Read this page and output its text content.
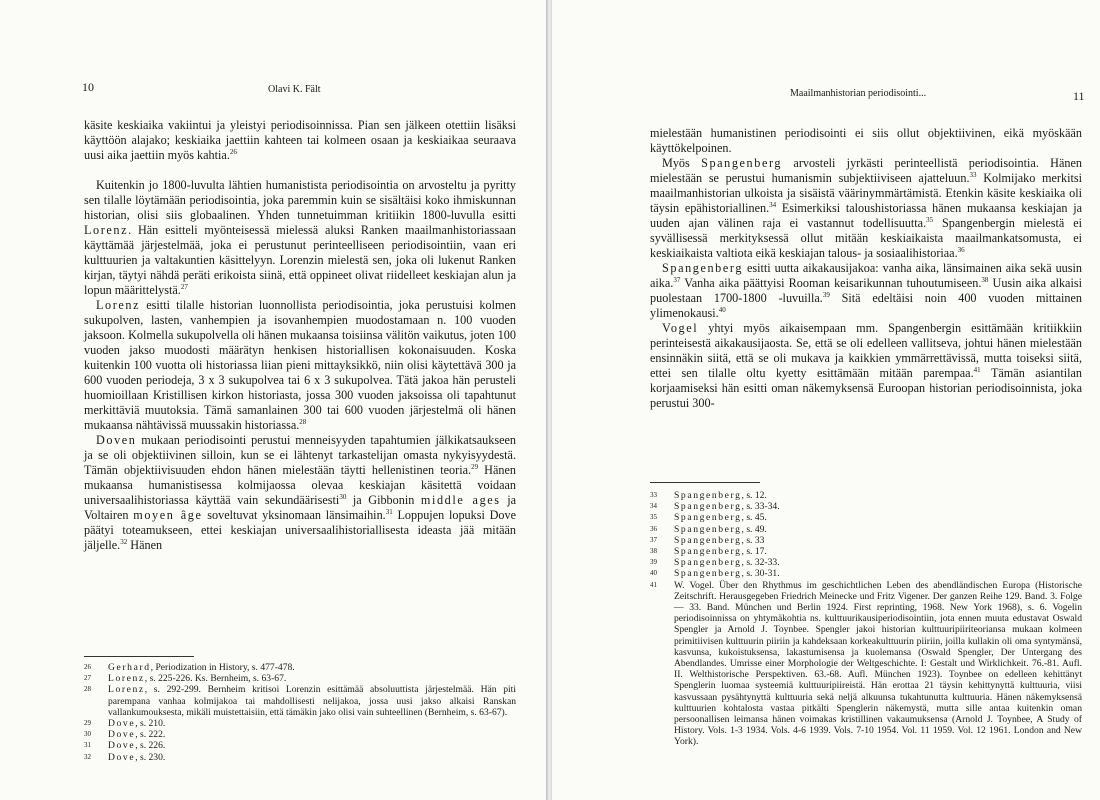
10	Olavi K. Fält

käsite keskiaika vakiintui ja yleistyi periodisoinnissa. Pian sen jälkeen otettiin lisäksi käyttöön alajako; keskiaika jaettiin kahteen tai kolmeen osaan ja keskiaikaa seuraava uusi aika jaettiin myös kahtia.$^{26}$

Kuitenkin jo 1800-luvulta lähtien humanistista periodisointia on arvosteltu ja pyritty sen tilalle löytämään periodisointia, joka paremmin kuin se sisältäisi koko ihmiskunnan historian, olisi siis globaalinen. Yhden tunnetuimman kritiikin 1800-luvulla esitti Lorenz. Hän esitteli myönteisessä mielessä aluksi Ranken maailmanhistoriassaan käyttämää järjestelmää, joka ei perustunut perinteelliseen periodisointiin, vaan eri kulttuurien ja valtakuntien käsittelyyn. Lorenzin mielestä sen, joka oli lukenut Ranken kirjan, täytyi nähdä peräti erikoista siinä, että oppineet olivat riidelleet keskiajan alun ja lopun määrittelystä.$^{27}$

Lorenz esitti tilalle historian luonnollista periodisointia, joka perustuisi kolmen sukupolven, lasten, vanhempien ja isovanhempien muodostamaan n. 100 vuoden jaksoon. Kolmella sukupolvella oli hänen mukaansa toisiinsa välitön vaikutus, joten 100 vuoden jakso muodosti määrätyn henkisen historiallisen kokonaisuuden. Koska kuitenkin 100 vuotta oli historiassa liian pieni mittayksikkö, niin olisi käytettävä 300 ja 600 vuoden periodeja, 3 x 3 sukupolvea tai 6 x 3 sukupolvea. Tätä jakoa hän perusteli huomioillaan Kristillisen kirkon historiasta, jossa 300 vuoden jaksoissa oli tapahtunut merkittäviä muutoksia. Tämä samanlainen 300 tai 600 vuoden järjestelmä oli hänen mukaansa nähtävissä muussakin historiassa.$^{28}$

Doven mukaan periodisointi perustui menneisyyden tapahtumien jälkikatsaukseen ja se oli objektiivinen silloin, kun se ei lähtenyt tarkastelijan omasta nykyisyydestä. Tämän objektiivisuuden ehdon hänen mielestään täytti hellenistinen teoria.$^{29}$ Hänen mukaansa humanistisessa kolmijaossa olevaa keskiajan käsitettä voidaan universaalihistoriassa käyttää vain sekundäärisesti$^{30}$ ja Gibbonin middle ages ja Voltairen moyen âge soveltuvat yksinomaan länsimaihin.$^{31}$ Loppujen lopuksi Dove päätyi toteamukseen, ettei keskiajan universaalihistoriallisesta ideasta jää mitään jäljelle.$^{32}$ Hänen

26 Gerhard, Periodization in History, s. 477-478.
27 Lorenz, s. 225-226. Ks. Bernheim, s. 63-67.
28 Lorenz, s. 292-299. Bernheim kritisoi Lorenzin esittämää absoluuttista järjestelmää. Hän piti parempana vanhaa kolmijakoa tai mahdollisesti nelijakoa, jossa uusi jakso alkaisi Ranskan vallankumouksesta, mikäli muistettaisiin, että tämäkin jako olisi vain suhteellinen (Bernheim, s. 63-67).
29 Dove, s. 210.
30 Dove, s. 222.
31 Dove, s. 226.
32 Dove, s. 230.
Maailmanhistorian periodisointi...	11

mielestään humanistinen periodisointi ei siis ollut objektiivinen, eikä myöskään käyttökelpoinen.

Myös Spangenberg arvosteli jyrkästi perinteellistä periodisointia. Hänen mielestään se perustui humanismin subjektiiviseen ajatteluun.$^{33}$ Kolmijako merkitsi maailmanhistorian ulkoista ja sisäistä väärinymmärtämistä. Etenkin käsite keskiaika oli täysin epähistoriallinen.$^{34}$ Esimerkiksi taloushistoriassa hänen mukaansa keskiajan ja uuden ajan välinen raja ei vastannut todellisuutta.$^{35}$ Spangenbergin mielestä ei syvällisessä merkityksessä ollut mitään keskiaikaista maailmankatsomusta, ei keskiaikaista valtiota eikä keskiajan talous- ja sosiaalihistoriaa.$^{36}$

Spangenberg esitti uutta aikakausijakoa: vanha aika, länsimainen aika sekä uusin aika.$^{37}$ Vanha aika päättyisi Rooman keisarikunnan tuhoutumiseen.$^{38}$ Uusin aika alkaisi puolestaan 1700-1800 -luvuilla.$^{39}$ Sitä edeltäisi noin 400 vuoden mittainen ylimenokausi.$^{40}$

Vogel yhtyi myös aikaisempaan mm. Spangenbergin esittämään kritiikkiin perinteisestä aikakausijaosta. Se, että se oli edelleen vallitseva, johtui hänen mielestään ensinnäkin siitä, että se oli mukava ja kaikkien ymmärrettävissä, mutta toiseksi siitä, ettei sen tilalle oltu kyetty esittämään mitään parempaa.$^{41}$ Tämän asiantilan korjaamiseksi hän esitti oman näkemyksensä Euroopan historian periodisoinnista, joka perustui 300-

33 Spangenberg, s. 12.
34 Spangenberg, s. 33-34.
35 Spangenberg, s. 45.
36 Spangenberg, s. 49.
37 Spangenberg, s. 33
38 Spangenberg, s. 17.
39 Spangenberg, s. 32-33.
40 Spangenberg, s. 30-31.
41 W. Vogel. Über den Rhythmus im geschichtlichen Leben des abendländischen Europa (Historische Zeitschrift. Herausgegeben Friedrich Meinecke und Fritz Vigener. Der ganzen Reihe 129. Band. 3. Folge — 33. Band. München und Berlin 1924. First reprinting, 1968. New York 1968), s. 6. Vogelin periodisoinnissa on yhtymäkohtia ns. kulttuurikausiperiodisointiin, jota ennen muuta edustavat Oswald Spengler ja Arnold J. Toynbee. Spengler jakoi historian kulttuuripiiriteoriansa mukaan kolmeen primitiivisen kulttuurin piiriin ja kahdeksaan korkeakulttuurin piiriin, joilla kullakin oli oma syntymänsä, kasvunsa, kukoistuksensa, lakastumisensa ja kuolemansa (Oswald Spengler, Der Untergang des Abendlandes. Umrisse einer Morphologie der Weltgeschichte. I: Gestalt und Wirklichkeit. 76.-81. Aufl. II. Welthistorische Perspektiven. 63.-68. Aufl. München 1923). Toynbee on edelleen kehittänyt Spenglerin luomaa systeemiä kulttuuripiireistä. Hän erottaa 21 täysin kehittynyttä kulttuuria, viisi kasvussaan pysähtynyttä kulttuuria sekä neljä alkuunsa tukahtunutta kulttuuria. Hänen näkemyksensä kulttuurien kohtalosta vastaa pitkälti Spenglerin näkemystä, mutta sille antaa kuitenkin oman persoonallisen leimansa hänen voimakas kristillinen vakaumuksensa (Arnold J. Toynbee, A Study of History. Vols. 1-3 1934. Vols. 4-6 1939. Vols. 7-10 1954. Vol. 11 1959. Vol. 12 1961. London and New York).
